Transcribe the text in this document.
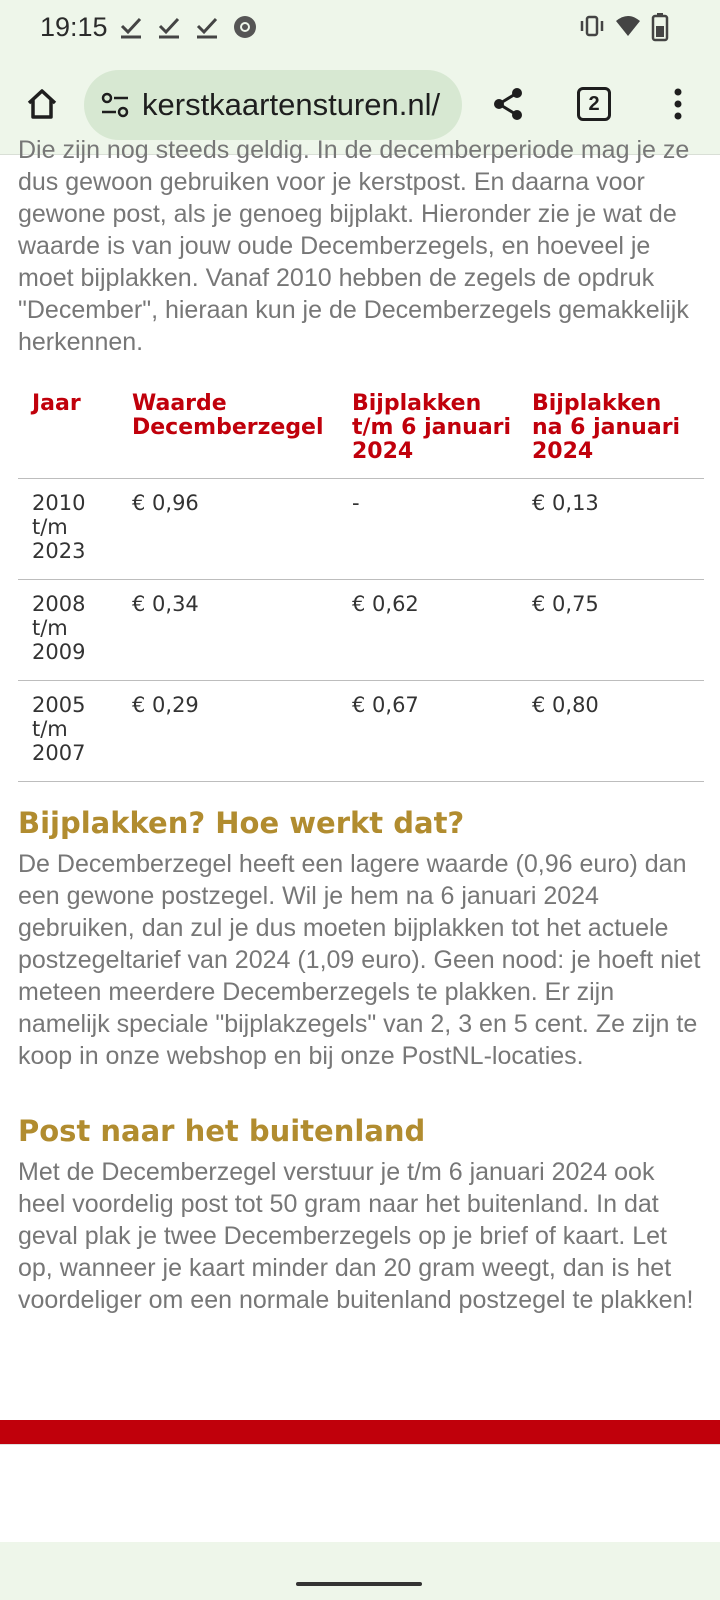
19:15
kerstkaartensturen.nl/	2

Die zijn nog steeds geldig. In de decemberperiode mag je ze dus gewoon gebruiken voor je kerstpost. En daarna voor gewone post, als je genoeg bijplakt. Hieronder zie je wat de waarde is van jouw oude Decemberzegels, en hoeveel je moet bijplakken. Vanaf 2010 hebben de zegels de opdruk "December", hieraan kun je de Decemberzegels gemakkelijk herkennen.

Jaar	Waarde Decemberzegel	Bijplakken t/m 6 januari 2024	Bijplakken na 6 januari 2024
2010 t/m 2023	€ 0,96	-	€ 0,13
2008 t/m 2009	€ 0,34	€ 0,62	€ 0,75
2005 t/m 2007	€ 0,29	€ 0,67	€ 0,80
Bijplakken? Hoe werkt dat?

De Decemberzegel heeft een lagere waarde (0,96 euro) dan een gewone postzegel. Wil je hem na 6 januari 2024 gebruiken, dan zul je dus moeten bijplakken tot het actuele postzegeltarief van 2024 (1,09 euro). Geen nood: je hoeft niet meteen meerdere Decemberzegels te plakken. Er zijn namelijk speciale "bijplakzegels" van 2, 3 en 5 cent. Ze zijn te koop in onze webshop en bij onze PostNL-locaties.

Post naar het buitenland

Met de Decemberzegel verstuur je t/m 6 januari 2024 ook heel voordelig post tot 50 gram naar het buitenland. In dat geval plak je twee Decemberzegels op je brief of kaart. Let op, wanneer je kaart minder dan 20 gram weegt, dan is het voordeliger om een normale buitenland postzegel te plakken!
